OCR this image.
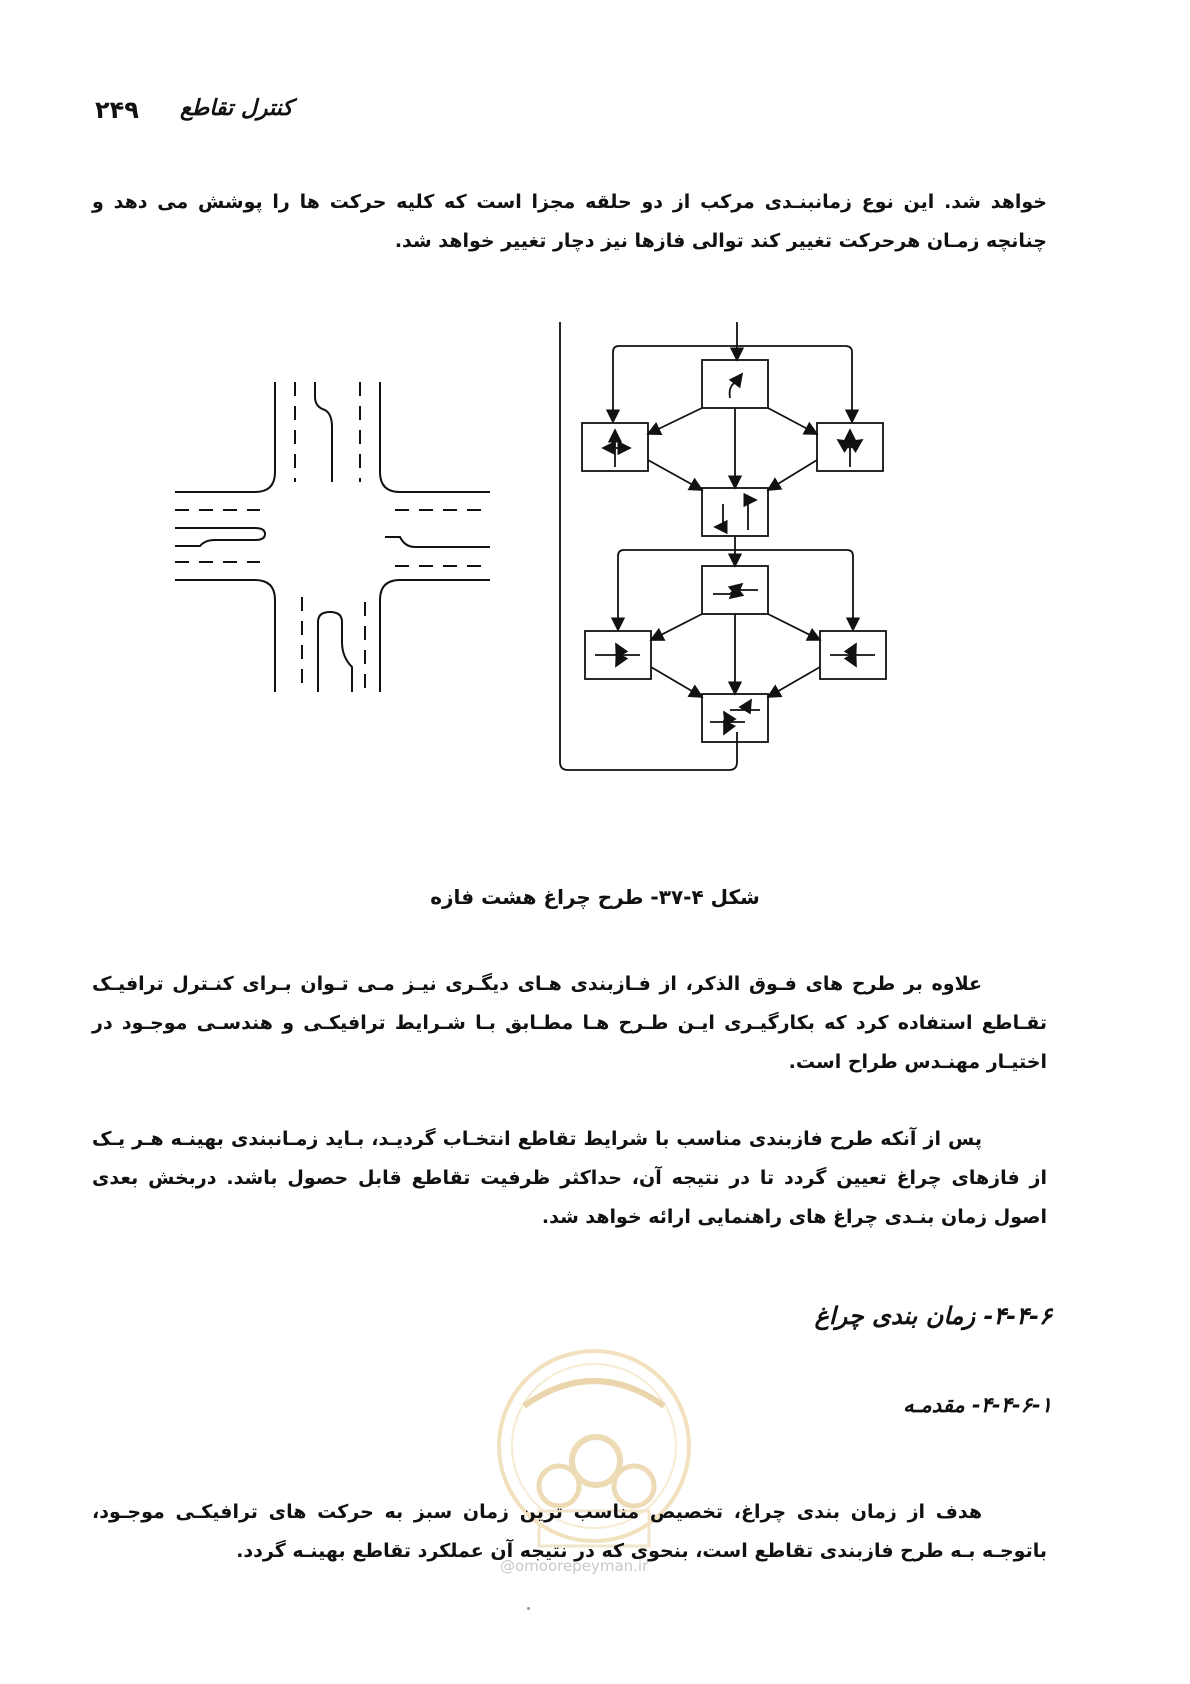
۲۴۹ کنترل تقاطع

خواهد شد. این نوع زمانبنـدی مرکب از دو حلقه مجزا است که کلیه حرکت ها را پوشش می دهد و چنانچه زمـان هرحرکت تغییر کند توالی فازها نیز دچار تغییر خواهد شد.

شکل ۴-۳۷- طرح چراغ هشت فازه

علاوه بر طرح های فـوق الذکر، از فـازبندی هـای دیگـری نیـز مـی تـوان بـرای کنـترل ترافیـک تقـاطع استفاده کرد که بکارگیـری ایـن طـرح هـا مطـابق بـا شـرایط ترافیکـی و هندسـی موجـود در اختیـار مهنـدس طراح است.

پس از آنکه طرح فازبندی مناسب با شرایط تقاطع انتخـاب گردیـد، بـاید زمـانبندی بهینـه هـر یـک از فازهای چراغ تعیین گردد تا در نتیجه آن، حداکثر ظرفیت تقاطع قابل حصول باشد. دربخش بعدی اصول زمان بنـدی چراغ های راهنمایی ارائه خواهد شد.

۴-۴-۶- زمان بندی چراغ
۴-۴-۶-۱- مقدمـه
@omoorepeyman.ir

هدف از زمان بندی چراغ، تخصیص مناسب ترین زمان سبز به حرکت های ترافیکـی موجـود، باتوجـه بـه طرح فازبندی تقاطع است، بنحوی که در نتیجه آن عملکرد تقاطع بهینـه گردد.
